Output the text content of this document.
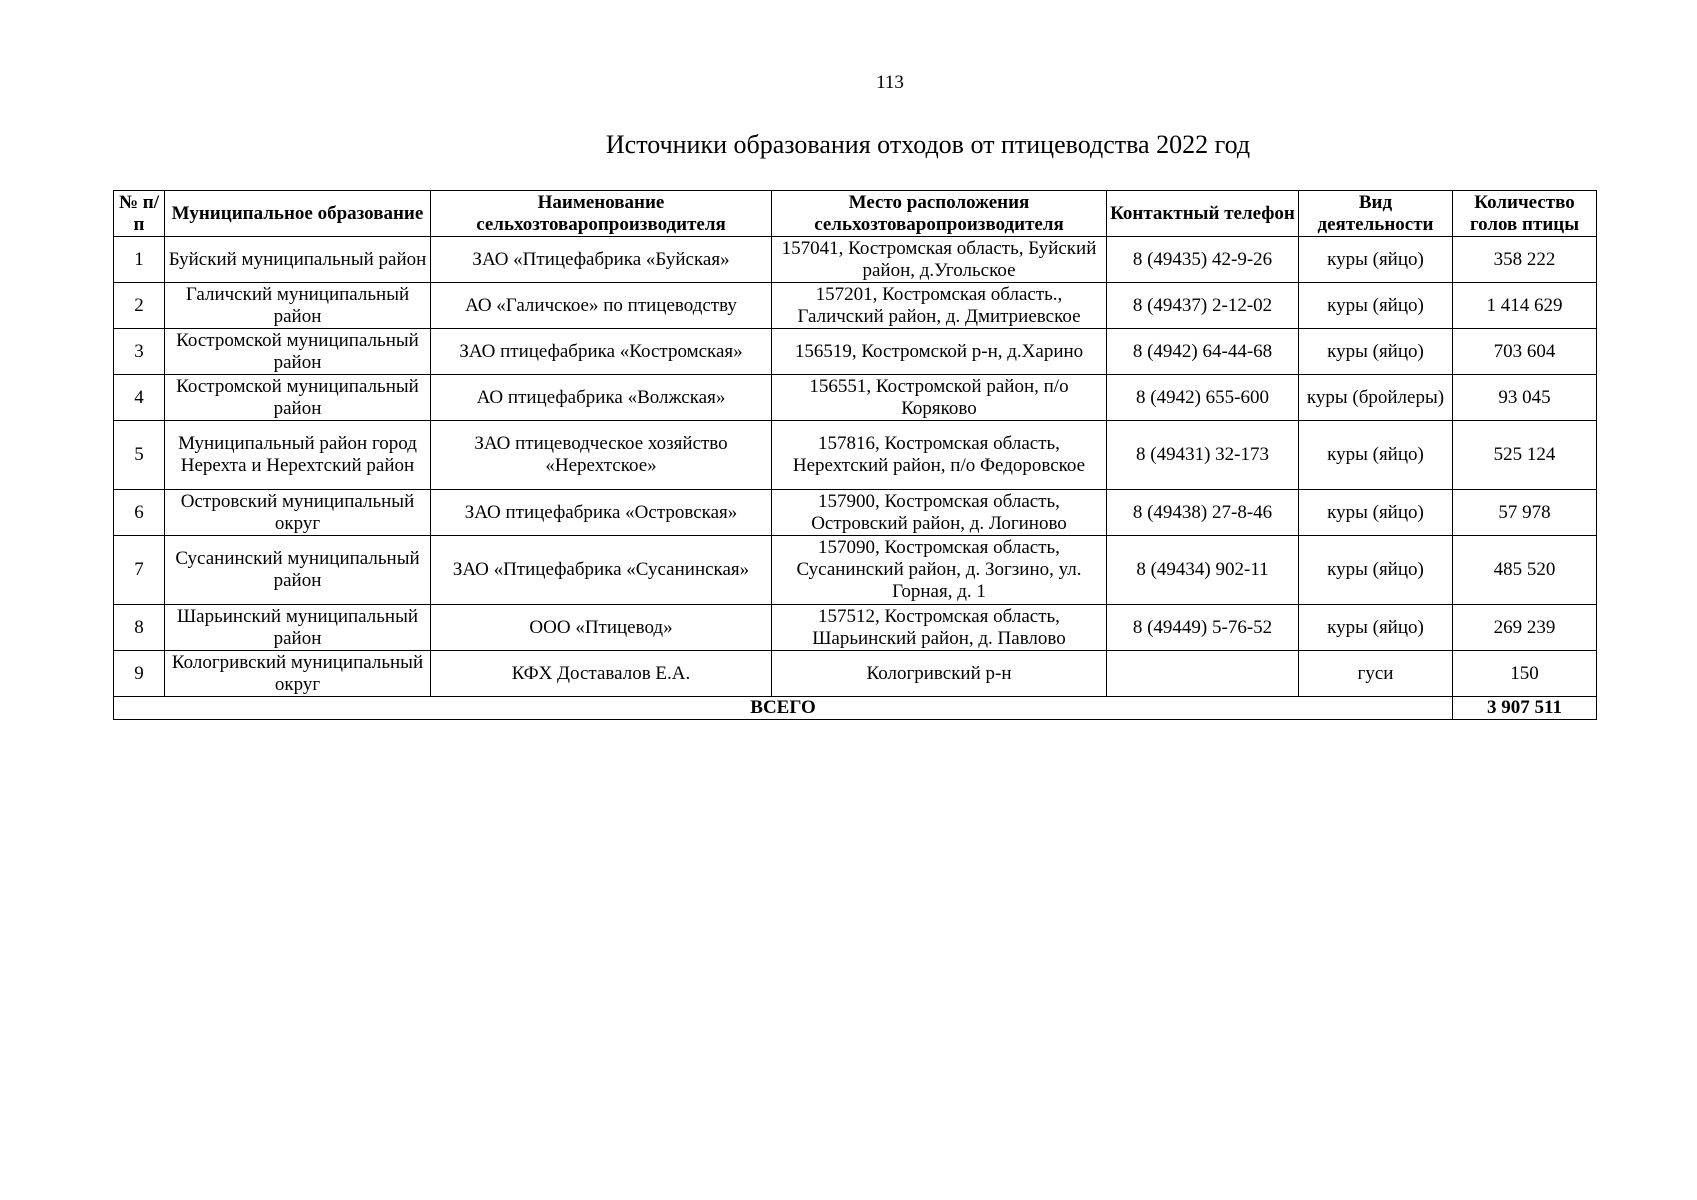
113
Источники образования отходов от птицеводства 2022 год
№ п/п	Муниципальное образование	Наименование сельхозтоваропроизводителя	Место расположения сельхозтоваропроизводителя	Контактный телефон	Вид деятельности	Количество голов птицы
1	Буйский муниципальный район	ЗАО «Птицефабрика «Буйская»	157041, Костромская область, Буйский район, д.Угольское	8 (49435) 42-9-26	куры (яйцо)	358 222
2	Галичский муниципальный район	АО «Галичское» по птицеводству	157201, Костромская область., Галичский район, д. Дмитриевское	8 (49437) 2-12-02	куры (яйцо)	1 414 629
3	Костромской муниципальный район	ЗАО птицефабрика «Костромская»	156519, Костромской р-н, д.Харино	8 (4942) 64-44-68	куры (яйцо)	703 604
4	Костромской муниципальный район	АО птицефабрика «Волжская»	156551, Костромской район, п/о Коряково	8 (4942) 655-600	куры (бройлеры)	93 045
5	Муниципальный район город Нерехта и Нерехтский район	ЗАО птицеводческое хозяйство «Нерехтское»	157816, Костромская область, Нерехтский район, п/о Федоровское	8 (49431) 32-173	куры (яйцо)	525 124
6	Островский муниципальный округ	ЗАО птицефабрика «Островская»	157900, Костромская область, Островский район, д. Логиново	8 (49438) 27-8-46	куры (яйцо)	57 978
7	Сусанинский муниципальный район	ЗАО «Птицефабрика «Сусанинская»	157090, Костромская область, Сусанинский район, д. Зогзино, ул. Горная, д. 1	8 (49434) 902-11	куры (яйцо)	485 520
8	Шарьинский муниципальный район	ООО «Птицевод»	157512, Костромская область, Шарьинский район, д. Павлово	8 (49449) 5-76-52	куры (яйцо)	269 239
9	Кологривский муниципальный округ	КФХ Доставалов Е.А.	Кологривский р-н		гуси	150
ВСЕГО						3 907 511
